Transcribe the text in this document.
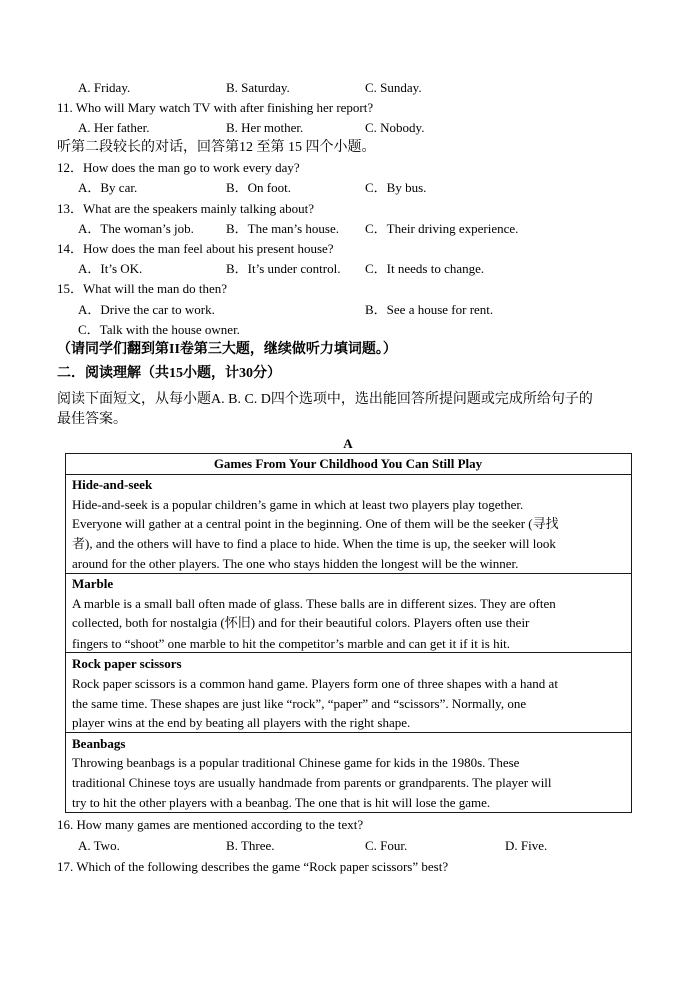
A. Friday.	B. Saturday.	C. Sunday.
11. Who will Mary watch TV with after finishing her report?
A. Her father.	B. Her mother.	C. Nobody.
听第二段较长的对话，回答第12 至第 15 四个小题。
12．How does the man go to work every day?
A．By car.	B．On foot.	C．By bus.
13．What are the speakers mainly talking about?
A．The woman’s job. B．The man’s house. C．Their driving experience.
14．How does the man feel about his present house?
A．It’s OK.	B．It’s under control. C．It needs to change.
15．What will the man do then?
A．Drive the car to work.	B．See a house for rent.
C．Talk with the house owner.
（请同学们翻到第II卷第三大题，继续做听力填词题。）
二．阅读理解（共15小题，计30分）
阅读下面短文，从每小题A. B. C. D四个选项中，选出能回答所提问题或完成所给句子的
最佳答案。
A
Games From Your Childhood You Can Still Play
Hide-and-seek
Hide-and-seek is a popular children’s game in which at least two players play together.
Everyone will gather at a central point in the beginning. One of them will be the seeker (寻找
者), and the others will have to find a place to hide. When the time is up, the seeker will look
around for the other players. The one who stays hidden the longest will be the winner.
Marble
A marble is a small ball often made of glass. These balls are in different sizes. They are often
collected, both for nostalgia (怀旧) and for their beautiful colors. Players often use their
fingers to “shoot” one marble to hit the competitor’s marble and can get it if it is hit.
Rock paper scissors
Rock paper scissors is a common hand game. Players form one of three shapes with a hand at
the same time. These shapes are just like “rock”, “paper” and “scissors”. Normally, one
player wins at the end by beating all players with the right shape.
Beanbags
Throwing beanbags is a popular traditional Chinese game for kids in the 1980s. These
traditional Chinese toys are usually handmade from parents or grandparents. The player will
try to hit the other players with a beanbag. The one that is hit will lose the game.
16. How many games are mentioned according to the text?
A. Two.	B. Three.	C. Four.	D. Five.
17. Which of the following describes the game “Rock paper scissors” best?
